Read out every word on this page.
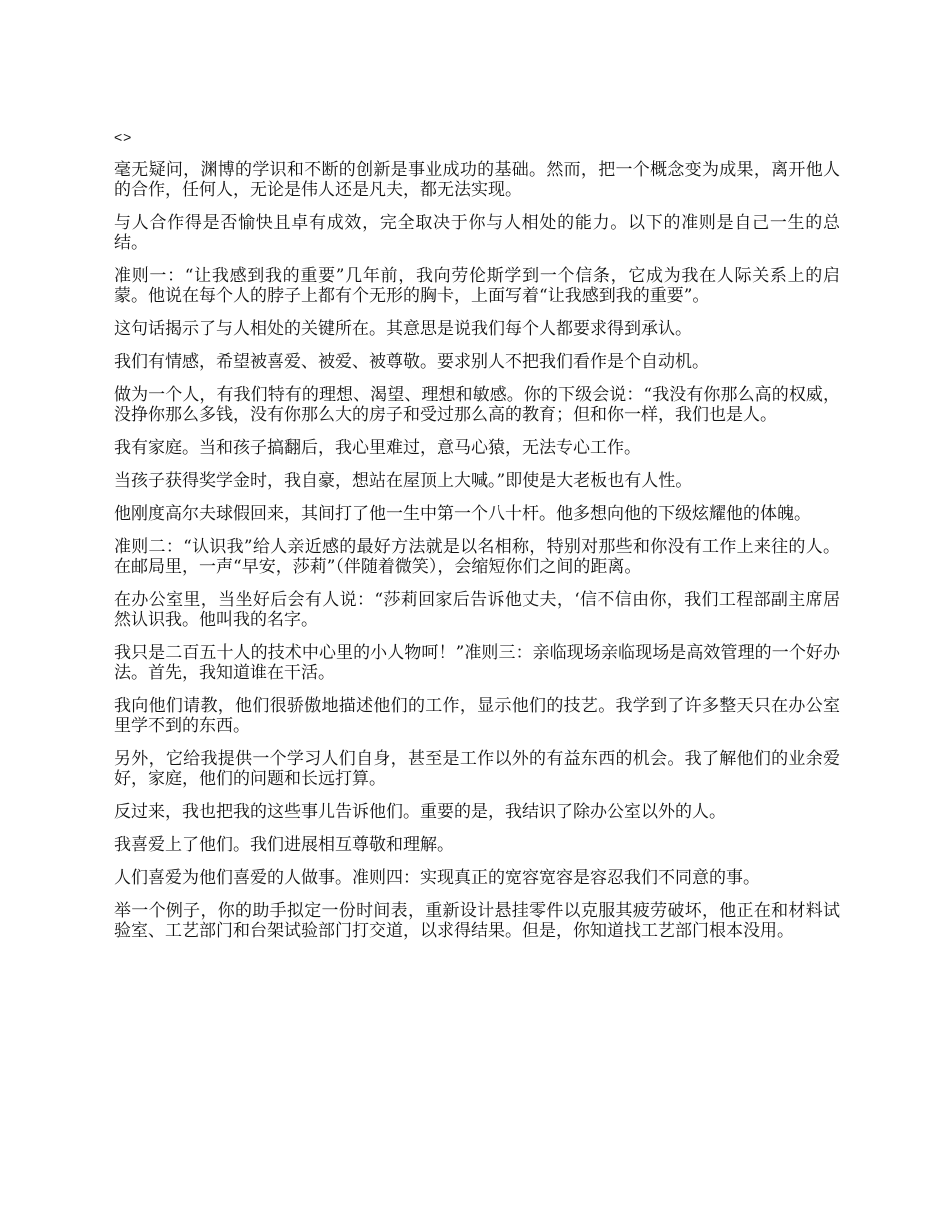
<>

毫无疑问，渊博的学识和不断的创新是事业成功的基础。然而，把一个概念变为成果，离开他人的合作，任何人，无论是伟人还是凡夫，都无法实现。

与人合作得是否愉快且卓有成效，完全取决于你与人相处的能力。以下的准则是自己一生的总结。

准则一：“让我感到我的重要”几年前，我向劳伦斯学到一个信条，它成为我在人际关系上的启蒙。他说在每个人的脖子上都有个无形的胸卡，上面写着“让我感到我的重要”。

这句话揭示了与人相处的关键所在。其意思是说我们每个人都要求得到承认。

我们有情感，希望被喜爱、被爱、被尊敬。要求别人不把我们看作是个自动机。

做为一个人，有我们特有的理想、渴望、理想和敏感。你的下级会说：“我没有你那么高的权威，没挣你那么多钱，没有你那么大的房子和受过那么高的教育；但和你一样，我们也是人。

我有家庭。当和孩子搞翻后，我心里难过，意马心猿，无法专心工作。

当孩子获得奖学金时，我自豪，想站在屋顶上大喊。”即使是大老板也有人性。

他刚度高尔夫球假回来，其间打了他一生中第一个八十杆。他多想向他的下级炫耀他的体魄。

准则二：“认识我”给人亲近感的最好方法就是以名相称，特别对那些和你没有工作上来往的人。在邮局里，一声“早安，莎莉”（伴随着微笑），会缩短你们之间的距离。

在办公室里，当坐好后会有人说：“莎莉回家后告诉他丈夫，‘信不信由你，我们工程部副主席居然认识我。他叫我的名字。

我只是二百五十人的技术中心里的小人物呵！”准则三：亲临现场亲临现场是高效管理的一个好办法。首先，我知道谁在干活。

我向他们请教，他们很骄傲地描述他们的工作，显示他们的技艺。我学到了许多整天只在办公室里学不到的东西。

另外，它给我提供一个学习人们自身，甚至是工作以外的有益东西的机会。我了解他们的业余爱好，家庭，他们的问题和长远打算。

反过来，我也把我的这些事儿告诉他们。重要的是，我结识了除办公室以外的人。

我喜爱上了他们。我们进展相互尊敬和理解。

人们喜爱为他们喜爱的人做事。准则四：实现真正的宽容宽容是容忍我们不同意的事。

举一个例子，你的助手拟定一份时间表，重新设计悬挂零件以克服其疲劳破坏，他正在和材料试验室、工艺部门和台架试验部门打交道，以求得结果。但是，你知道找工艺部门根本没用。
